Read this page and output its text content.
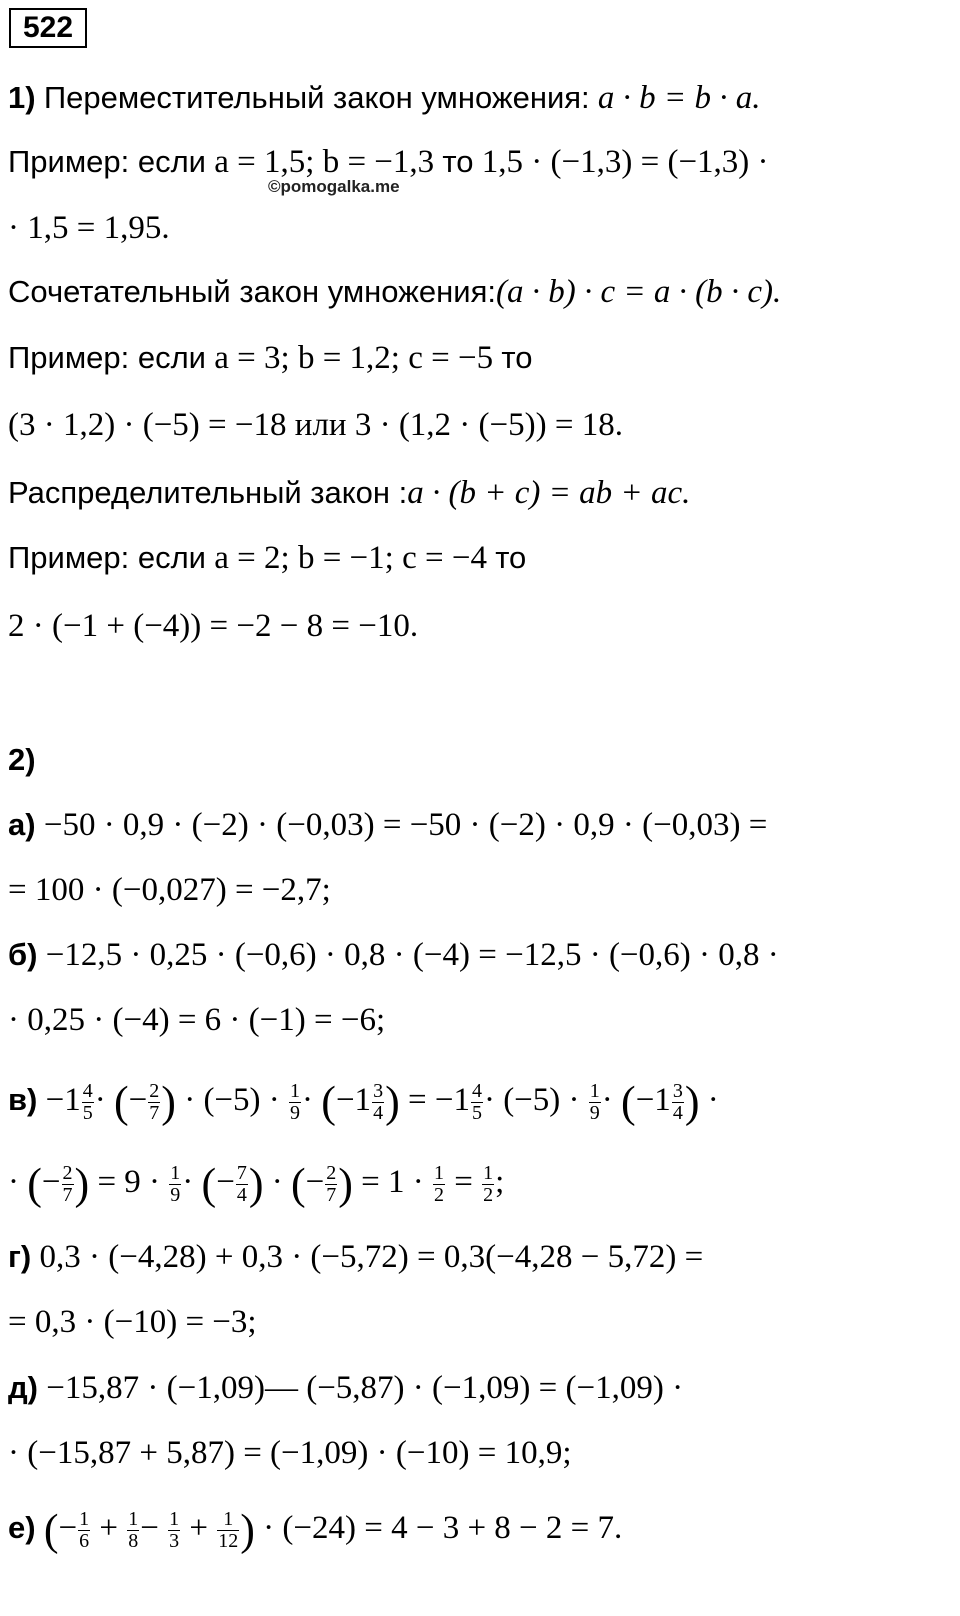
522
1) Переместительный закон умножения: a · b = b · a.
Пример: если a = 1,5; b = −1,3 то 1,5 · (−1,3) = (−1,3) ·
©pomogalka.me
· 1,5 = 1,95.
Сочетательный закон умножения:(a · b) · c = a · (b · c).
Пример: если a = 3; b = 1,2; c = −5 то
(3 · 1,2) · (−5) = −18 или 3 · (1,2 · (−5)) = 18.
Распределительный закон :a · (b + c) = ab + ac.
Пример: если a = 2; b = −1; c = −4 то
2 · (−1 + (−4)) = −2 − 8 = −10.
2)
а) −50 · 0,9 · (−2) · (−0,03) = −50 · (−2) · 0,9 · (−0,03) =
= 100 · (−0,027) = −2,7;
б) −12,5 · 0,25 · (−0,6) · 0,8 · (−4) = −12,5 · (−0,6) · 0,8 ·
· 0,25 · (−4) = 6 · (−1) = −6;
$в) -1 \frac{4}{5}$ · (− $\frac{2}{7}$ ) · $(-5) \cdot \frac{1}{9} \cdot (-1 \frac{3}{4}$ ) = $-1 \frac{4}{5} \cdot (-5) \cdot \frac{1}{9} \cdot (-1 \frac{3}{4}$ ) ·
· (− $\frac{2}{7}$ ) = $9 \cdot \frac{1}{9}$ · (− $\frac{7}{4}$ ) · (− $\frac{2}{7}$ ) = $1 \cdot \frac{1}{2} = \frac{1}{2}$ ;
г) 0,3 · (−4,28) + 0,3 · (−5,72) = 0,3(−4,28 − 5,72) =
= 0,3 · (−10) = −3;
д) −15,87 · (−1,09)— (−5,87) · (−1,09) = (−1,09) ·
· (−15,87 + 5,87) = (−1,09) · (−10) = 10,9;
е) (− $\frac{1}{6} + \frac{1}{8} - \frac{1}{3} + \frac{1}{12}$ ) · (−24) = 4 − 3 + 8 − 2 = 7.
